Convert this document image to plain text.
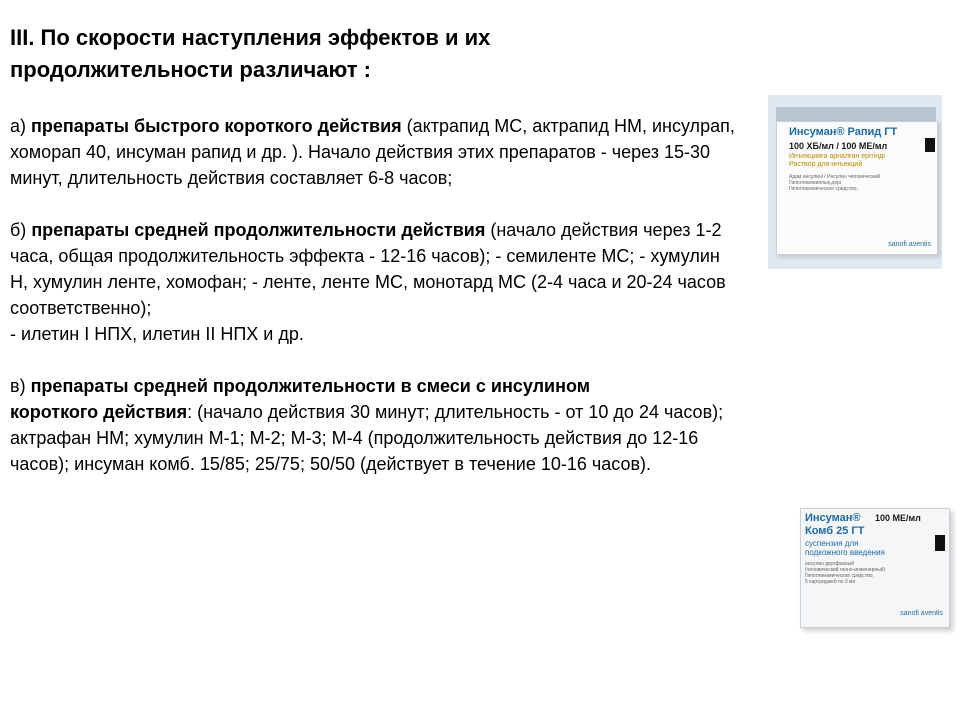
III. По скорости наступления эффектов и их
продолжительности различают :
а) препараты быстрого короткого действия (актрапид МС, актрапид НМ, инсулрап,
хоморап 40, инсуман рапид и др. ). Начало действия этих препаратов - через 15-30
минут, длительность действия составляет 6-8 часов;
б) препараты средней продолжительности действия (начало действия через 1-2
часа, общая продолжительность эффекта - 12-16 часов); - семиленте МС; - хумулин
Н, хумулин ленте, хомофан; - ленте, ленте МС, монотард МС (2-4 часа и 20-24 часов
соответственно);
- илетин I НПХ, илетин II НПХ и др.
в) препараты средней продолжительности в смеси с инсулином
короткого действия: (начало действия 30 минут; длительность - от 10 до 24 часов);
актрафан НМ; хумулин М-1; М-2; М-3; М-4 (продолжительность действия до 12-16
часов); инсуман комб. 15/85; 25/75; 50/50 (действует в течение 10-16 часов).
Инсуман® Рапид ГТ
100 ХБ/мл / 100 МЕ/мл
Инъекцияға арналған ерітінді
Раствор для инъекций
Адам инсулині / Инсулин человеческий
Гипогликемиялық дәрі,
Гипогликемическое средство,
sanofi aventis
Инсуман® 100 МЕ/мл
Комб 25 ГТ
суспензия для
подкожного введения
инсулин двухфазный
(человеческий генно-инженерный)
Гипогликемическое средство,
5 картриджей по 3 мл
sanofi aventis
